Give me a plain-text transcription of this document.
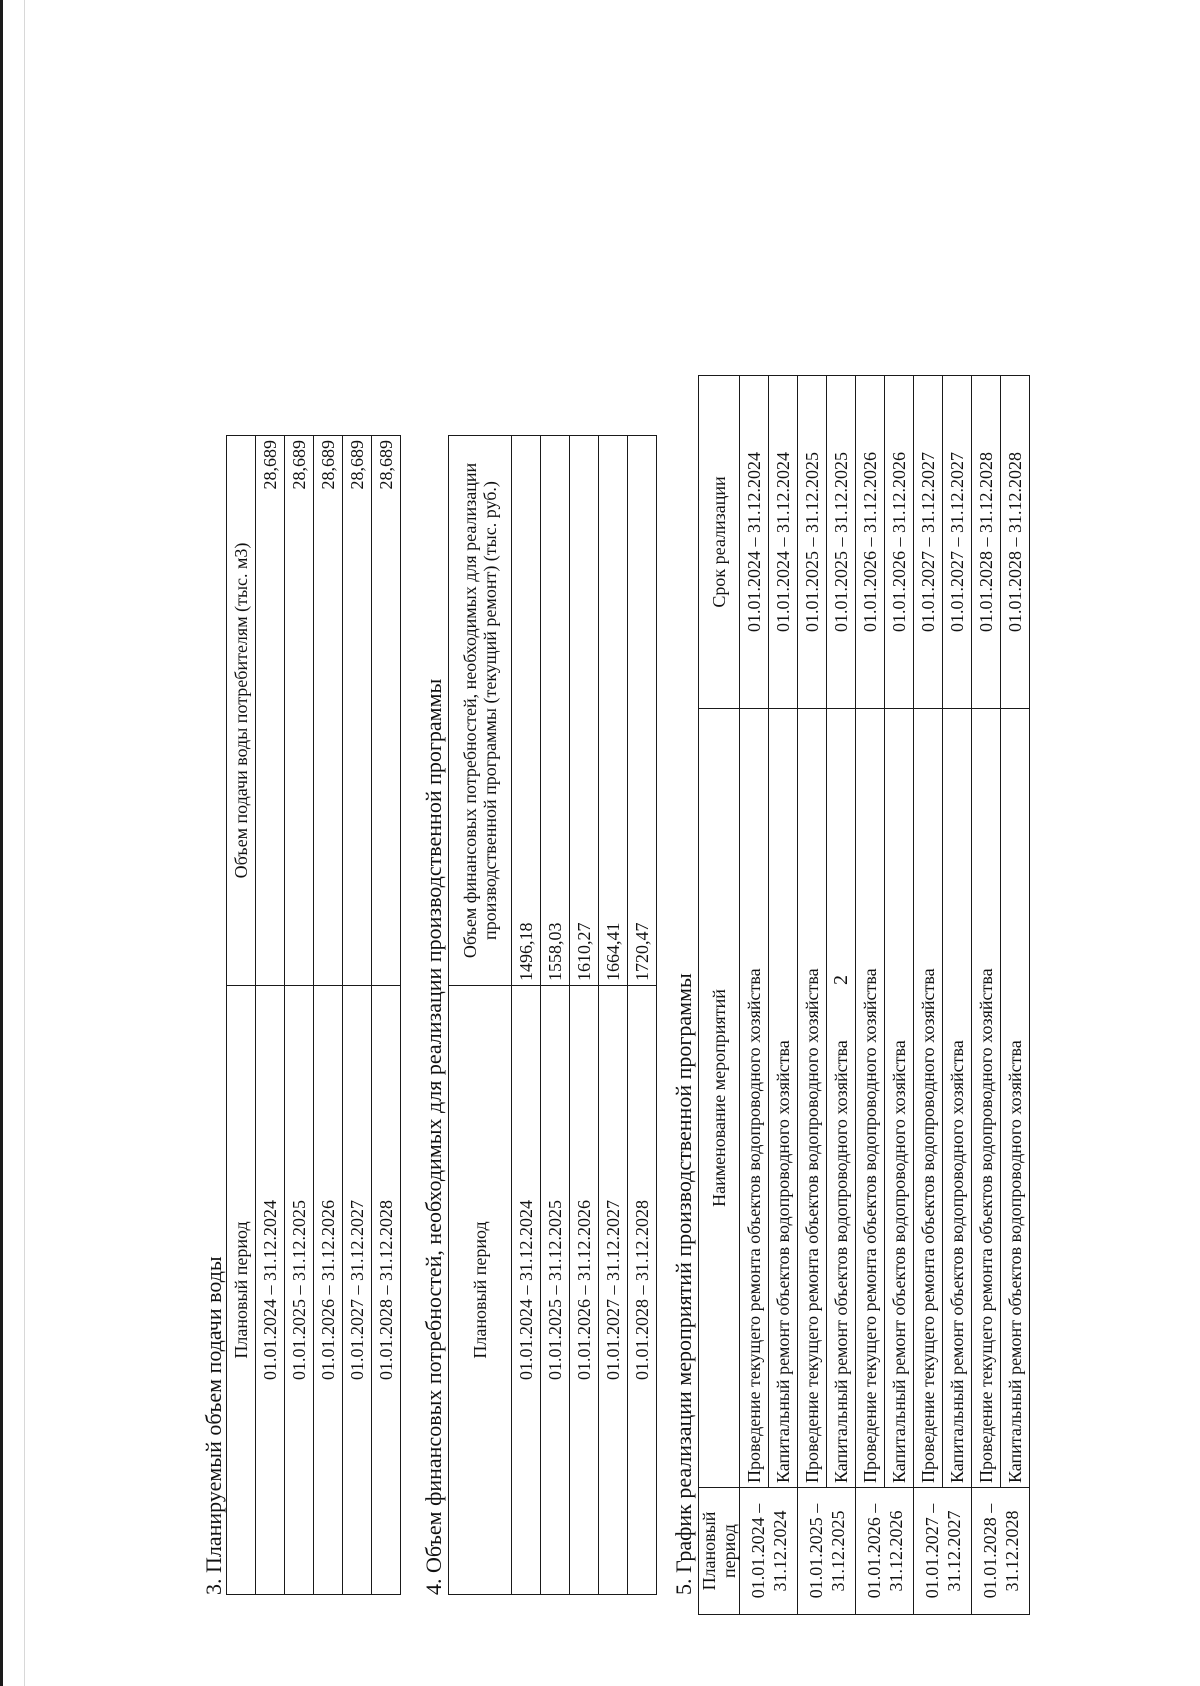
2
3. Планируемый объем подачи воды Плановый период	Объем подачи воды потребителям (тыс. м3)
01.01.2024 – 31.12.2024	28,689
01.01.2025 – 31.12.2025	28,689
01.01.2026 – 31.12.2026	28,689
01.01.2027 – 31.12.2027	28,689
01.01.2028 – 31.12.2028	28,689
4. Объем финансовых потребностей, необходимых для реализации производственной программы Плановый период	Объем финансовых потребностей, необходимых для реализации производственной программы (текущий ремонт) (тыс. руб.)
01.01.2024 – 31.12.2024	1496,18
01.01.2025 – 31.12.2025	1558,03
01.01.2026 – 31.12.2026	1610,27
01.01.2027 – 31.12.2027	1664,41
01.01.2028 – 31.12.2028	1720,47
5. График реализации мероприятий производственной программы Плановый период	Наименование мероприятий	Срок реализации
01.01.2024 – 31.12.2024	Проведение текущего ремонта объектов водопроводного хозяйства	01.01.2024 – 31.12.2024
	Капитальный ремонт объектов водопроводного хозяйства	01.01.2024 – 31.12.2024
01.01.2025 – 31.12.2025	Проведение текущего ремонта объектов водопроводного хозяйства	01.01.2025 – 31.12.2025
	Капитальный ремонт объектов водопроводного хозяйства	01.01.2025 – 31.12.2025
01.01.2026 – 31.12.2026	Проведение текущего ремонта объектов водопроводного хозяйства	01.01.2026 – 31.12.2026
	Капитальный ремонт объектов водопроводного хозяйства	01.01.2026 – 31.12.2026
01.01.2027 – 31.12.2027	Проведение текущего ремонта объектов водопроводного хозяйства	01.01.2027 – 31.12.2027
	Капитальный ремонт объектов водопроводного хозяйства	01.01.2027 – 31.12.2027
01.01.2028 – 31.12.2028	Проведение текущего ремонта объектов водопроводного хозяйства	01.01.2028 – 31.12.2028
	Капитальный ремонт объектов водопроводного хозяйства	01.01.2028 – 31.12.2028
